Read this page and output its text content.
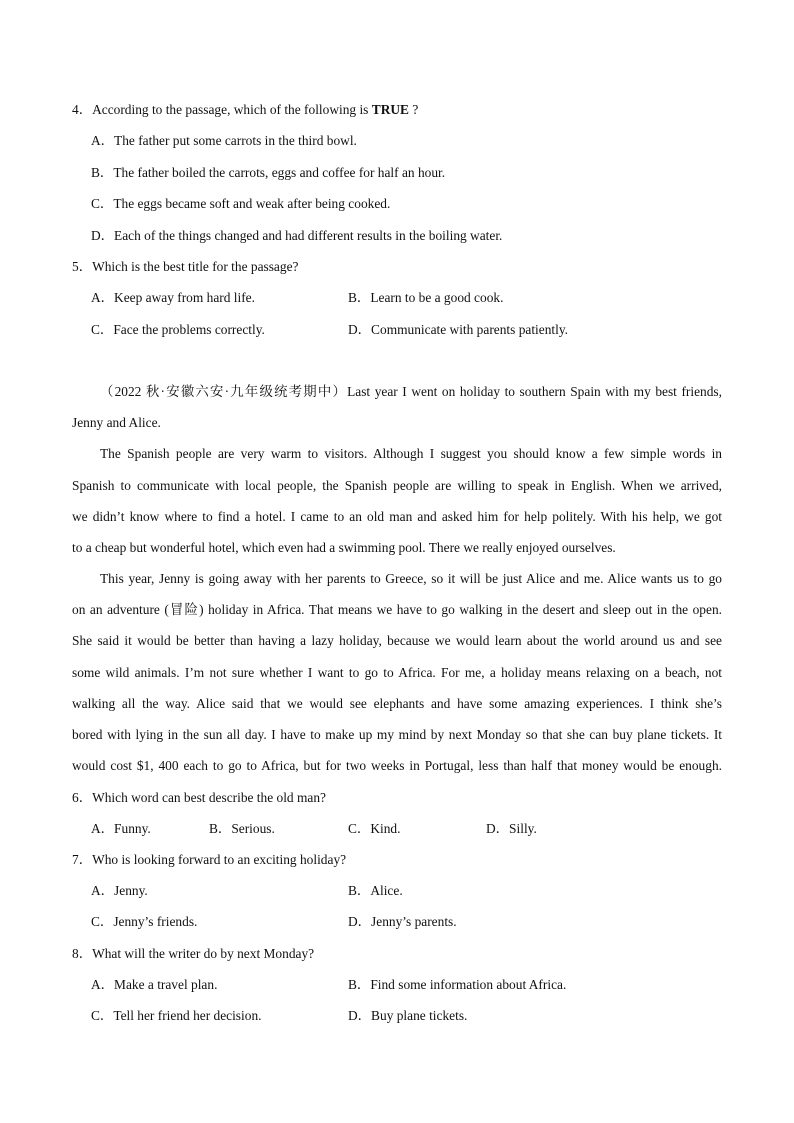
4．According to the passage, which of the following is TRUE ?
A．The father put some carrots in the third bowl.
B．The father boiled the carrots, eggs and coffee for half an hour.
C．The eggs became soft and weak after being cooked.
D．Each of the things changed and had different results in the boiling water.
5．Which is the best title for the passage?
A．Keep away from hard life.	B．Learn to be a good cook.
C．Face the problems correctly.	D．Communicate with parents patiently.
（2022 秋·安徽六安·九年级统考期中）Last year I went on holiday to southern Spain with my best friends,
Jenny and Alice.
The Spanish people are very warm to visitors. Although I suggest you should know a few simple words in
Spanish to communicate with local people, the Spanish people are willing to speak in English. When we arrived,
we didn’t know where to find a hotel. I came to an old man and asked him for help politely. With his help, we got
to a cheap but wonderful hotel, which even had a swimming pool. There we really enjoyed ourselves.
This year, Jenny is going away with her parents to Greece, so it will be just Alice and me. Alice wants us to go
on an adventure (冒险) holiday in Africa. That means we have to go walking in the desert and sleep out in the open.
She said it would be better than having a lazy holiday, because we would learn about the world around us and see
some wild animals. I’m not sure whether I want to go to Africa. For me, a holiday means relaxing on a beach, not
walking all the way. Alice said that we would see elephants and have some amazing experiences. I think she’s
bored with lying in the sun all day. I have to make up my mind by next Monday so that she can buy plane tickets. It
would cost $1, 400 each to go to Africa, but for two weeks in Portugal, less than half that money would be enough.
6．Which word can best describe the old man?
A．Funny.	B．Serious.	C．Kind.	D．Silly.
7．Who is looking forward to an exciting holiday?
A．Jenny.	B．Alice.
C．Jenny’s friends.	D．Jenny’s parents.
8．What will the writer do by next Monday?
A．Make a travel plan.	B．Find some information about Africa.
C．Tell her friend her decision.	D．Buy plane tickets.
